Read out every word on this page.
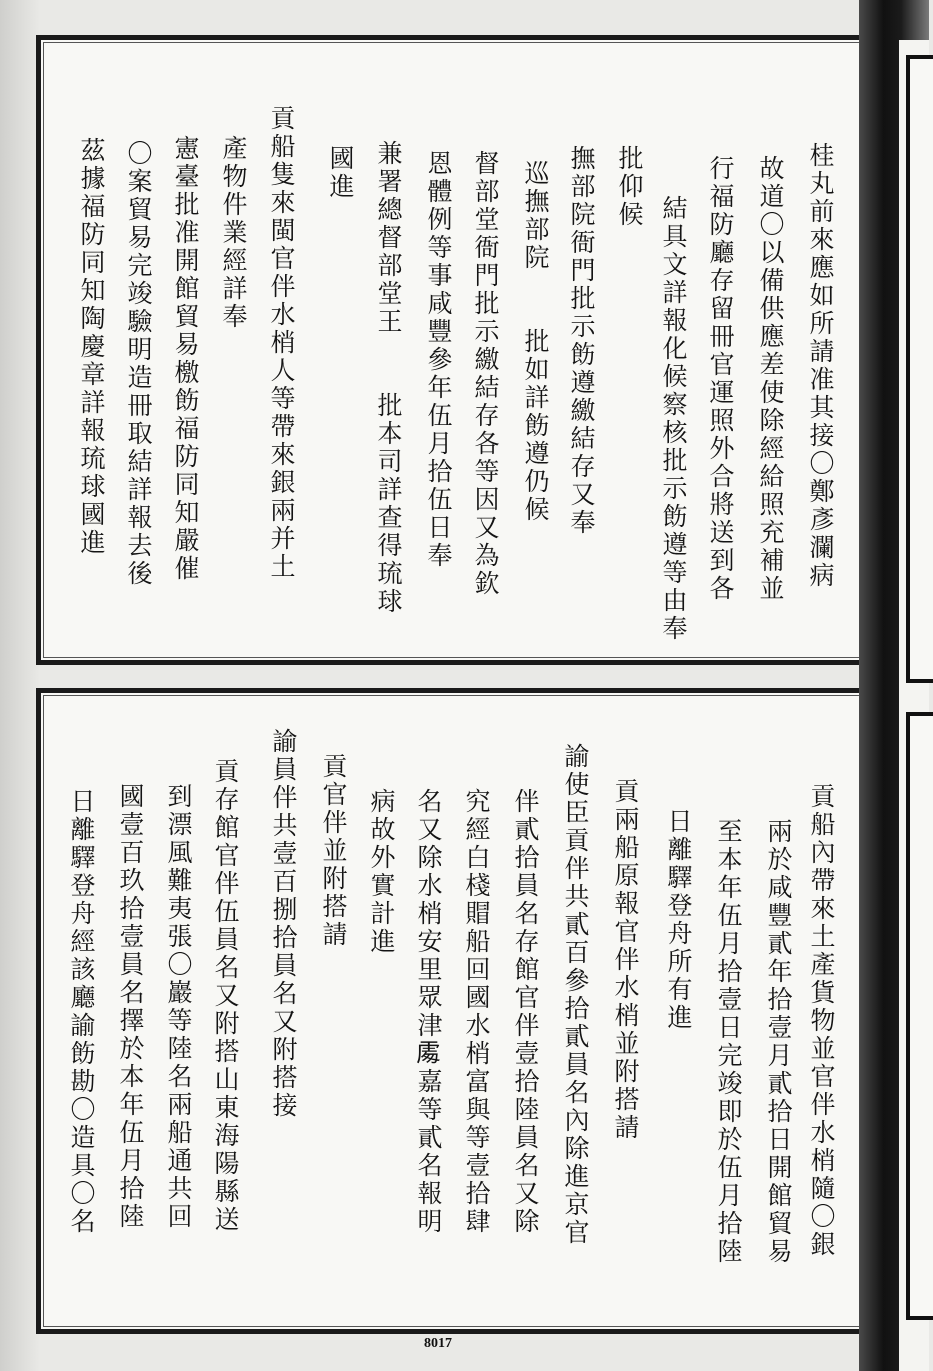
桂丸前來應如所請准其接〇鄭彥瀾病
故道〇以備供應差使除經給照充補並
行福防廳存留冊官運照外合將送到各
結具文詳報化候察核批示飭遵等由奉
批仰候
撫部院衙門批示飭遵繳結存又奉
巡撫部院　　批如詳飭遵仍候
督部堂衙門批示繳結存各等因又為欽
恩體例等事咸豐參年伍月拾伍日奉
兼署總督部堂王　　批本司詳查得琉球
國進
貢船隻來閩官伴水梢人等帶來銀兩并土
產物件業經詳奉
憲臺批准開館貿易檄飭福防同知嚴催
〇案貿易完竣驗明造冊取結詳報去後
茲據福防同知陶慶章詳報琉球國進
貢船內帶來土產貨物並官伴水梢隨〇銀
兩於咸豐貳年拾壹月貳拾日開館貿易
至本年伍月拾壹日完竣即於伍月拾陸
日離驛登舟所有進
貢兩船原報官伴水梢並附搭請
諭使臣貢伴共貳百參拾貳員名內除進京官
伴貳拾員名存館官伴壹拾陸員名又除
究經白棧賵船回國水梢富與等壹拾肆
名又除水梢安里眾津𠁅嘉等貳名報明
病故外實計進
貢官伴並附搭請
諭員伴共壹百捌拾員名又附搭接
貢存館官伴伍員名又附搭山東海陽縣送
到漂風難夷張〇巖等陸名兩船通共回
國壹百玖拾壹員名擇於本年伍月拾陸
日離驛登舟經該廳諭飭勘〇造具〇名
8017
